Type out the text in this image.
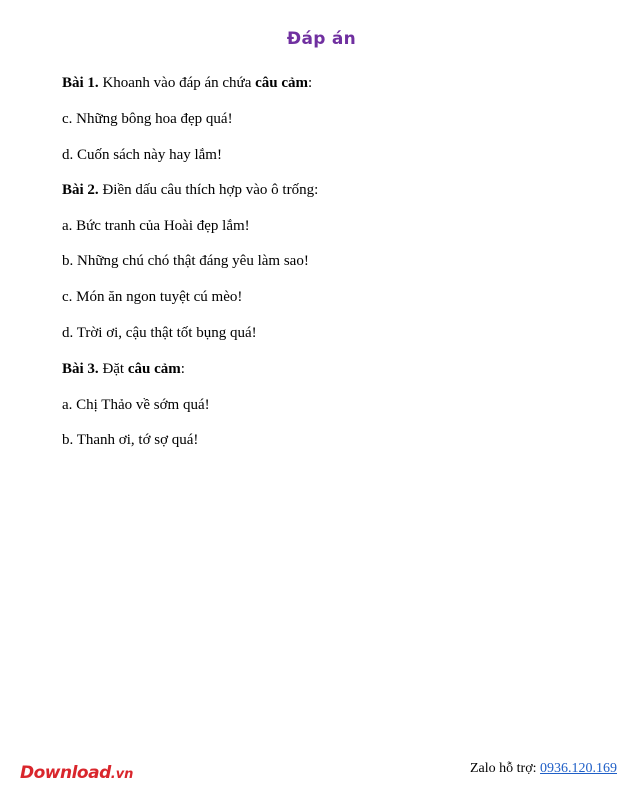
Đáp án
Bài 1. Khoanh vào đáp án chứa câu cảm:
c. Những bông hoa đẹp quá!
d. Cuốn sách này hay lắm!
Bài 2. Điền dấu câu thích hợp vào ô trống:
a. Bức tranh của Hoài đẹp lắm!
b. Những chú chó thật đáng yêu làm sao!
c. Món ăn ngon tuyệt cú mèo!
d. Trời ơi, cậu thật tốt bụng quá!
Bài 3. Đặt câu cảm:
a. Chị Thảo về sớm quá!
b. Thanh ơi, tớ sợ quá!
Download.vn	Zalo hỗ trợ: 0936.120.169
